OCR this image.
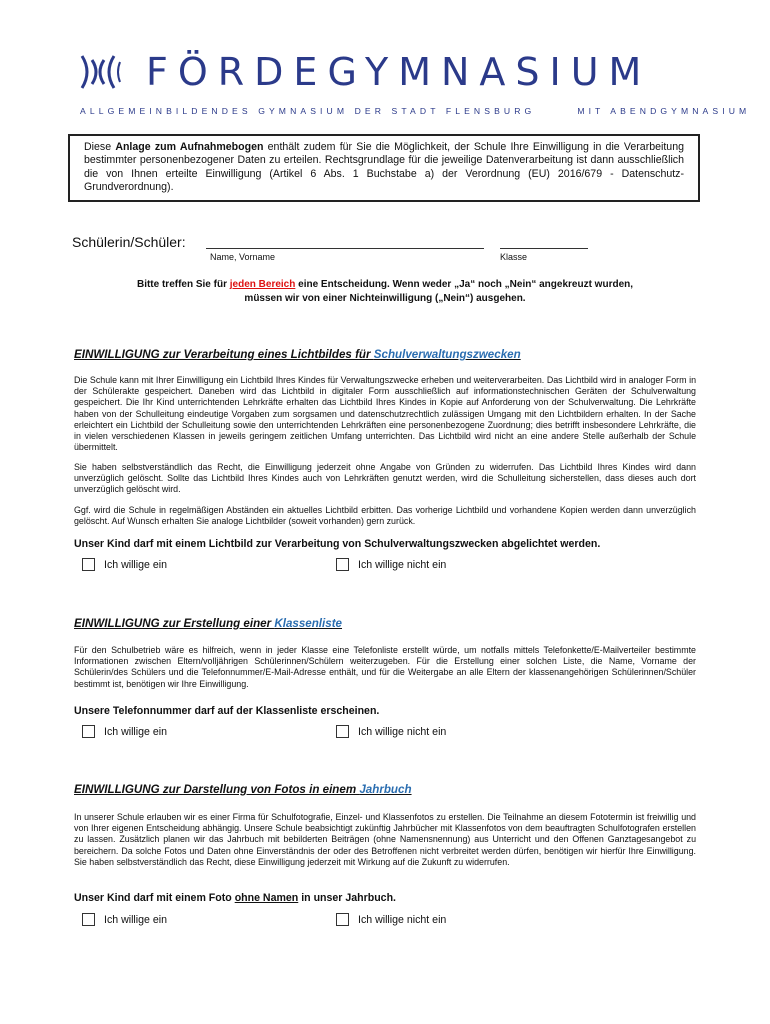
FÖRDEGYMNASIUM
ALLGEMEINBILDENDES GYMNASIUM DER STADT FLENSBURG	MIT ABENDGYMNASIUM
Diese Anlage zum Aufnahmebogen enthält zudem für Sie die Möglichkeit, der Schule Ihre Einwilligung in die Verarbeitung bestimmter personenbezogener Daten zu erteilen. Rechtsgrundlage für die jeweilige Datenverarbeitung ist dann ausschließlich die von Ihnen erteilte Einwilligung (Artikel 6 Abs. 1 Buchstabe a) der Verordnung (EU) 2016/679 - Datenschutz-Grundverordnung).
Schülerin/Schüler:
Name, Vorname	Klasse
Bitte treffen Sie für jeden Bereich eine Entscheidung. Wenn weder „Ja“ noch „Nein“ angekreuzt wurden,
müssen wir von einer Nichteinwilligung („Nein“) ausgehen.
EINWILLIGUNG zur Verarbeitung eines Lichtbildes für Schulverwaltungszwecken
Die Schule kann mit Ihrer Einwilligung ein Lichtbild Ihres Kindes für Verwaltungszwecke erheben und weiterverarbeiten. Das Lichtbild wird in analoger Form in der Schülerakte gespeichert. Daneben wird das Lichtbild in digitaler Form ausschließlich auf informationstechnischen Geräten der Schulverwaltung gespeichert. Die Ihr Kind unterrichtenden Lehrkräfte erhalten das Lichtbild Ihres Kindes in Kopie auf Anforderung von der Schulverwaltung. Die Lehrkräfte haben von der Schulleitung eindeutige Vorgaben zum sorgsamen und datenschutzrechtlich zulässigen Umgang mit den Lichtbildern erhalten. In der Sache erleichtert ein Lichtbild der Schulleitung sowie den unterrichtenden Lehrkräften eine personenbezogene Zuordnung; dies betrifft insbesondere Lehrkräfte, die in vielen verschiedenen Klassen in jeweils geringem zeitlichen Umfang unterrichten. Das Lichtbild wird nicht an eine andere Stelle außerhalb der Schule übermittelt.
Sie haben selbstverständlich das Recht, die Einwilligung jederzeit ohne Angabe von Gründen zu widerrufen. Das Lichtbild Ihres Kindes wird dann unverzüglich gelöscht. Sollte das Lichtbild Ihres Kindes auch von Lehrkräften genutzt werden, wird die Schulleitung sicherstellen, dass dieses auch dort unverzüglich gelöscht wird.
Ggf. wird die Schule in regelmäßigen Abständen ein aktuelles Lichtbild erbitten. Das vorherige Lichtbild und vorhandene Kopien werden dann unverzüglich gelöscht. Auf Wunsch erhalten Sie analoge Lichtbilder (soweit vorhanden) gern zurück.
Unser Kind darf mit einem Lichtbild zur Verarbeitung von Schulverwaltungszwecken abgelichtet werden.
Ich willige ein	Ich willige nicht ein
EINWILLIGUNG zur Erstellung einer Klassenliste
Für den Schulbetrieb wäre es hilfreich, wenn in jeder Klasse eine Telefonliste erstellt würde, um notfalls mittels Telefonkette/E-Mailverteiler bestimmte Informationen zwischen Eltern/volljährigen Schülerinnen/Schülern weiterzugeben. Für die Erstellung einer solchen Liste, die Name, Vorname der Schülerin/des Schülers und die Telefonnummer/E-Mail-Adresse enthält, und für die Weitergabe an alle Eltern der klassenangehörigen Schülerinnen/Schüler bestimmt ist, benötigen wir Ihre Einwilligung.
Unsere Telefonnummer darf auf der Klassenliste erscheinen.
Ich willige ein	Ich willige nicht ein
EINWILLIGUNG zur Darstellung von Fotos in einem Jahrbuch
In unserer Schule erlauben wir es einer Firma für Schulfotografie, Einzel- und Klassenfotos zu erstellen. Die Teilnahme an diesem Fototermin ist freiwillig und von Ihrer eigenen Entscheidung abhängig. Unsere Schule beabsichtigt zukünftig Jahrbücher mit Klassenfotos von dem beauftragten Schulfotografen erstellen zu lassen. Zusätzlich planen wir das Jahrbuch mit bebilderten Beiträgen (ohne Namensnennung) aus Unterricht und den Offenen Ganztagesangebot zu bereichern. Da solche Fotos und Daten ohne Einverständnis der oder des Betroffenen nicht verbreitet werden dürfen, benötigen wir hierfür Ihre Einwilligung. Sie haben selbstverständlich das Recht, diese Einwilligung jederzeit mit Wirkung auf die Zukunft zu widerrufen.
Unser Kind darf mit einem Foto ohne Namen in unser Jahrbuch.
Ich willige ein	Ich willige nicht ein
